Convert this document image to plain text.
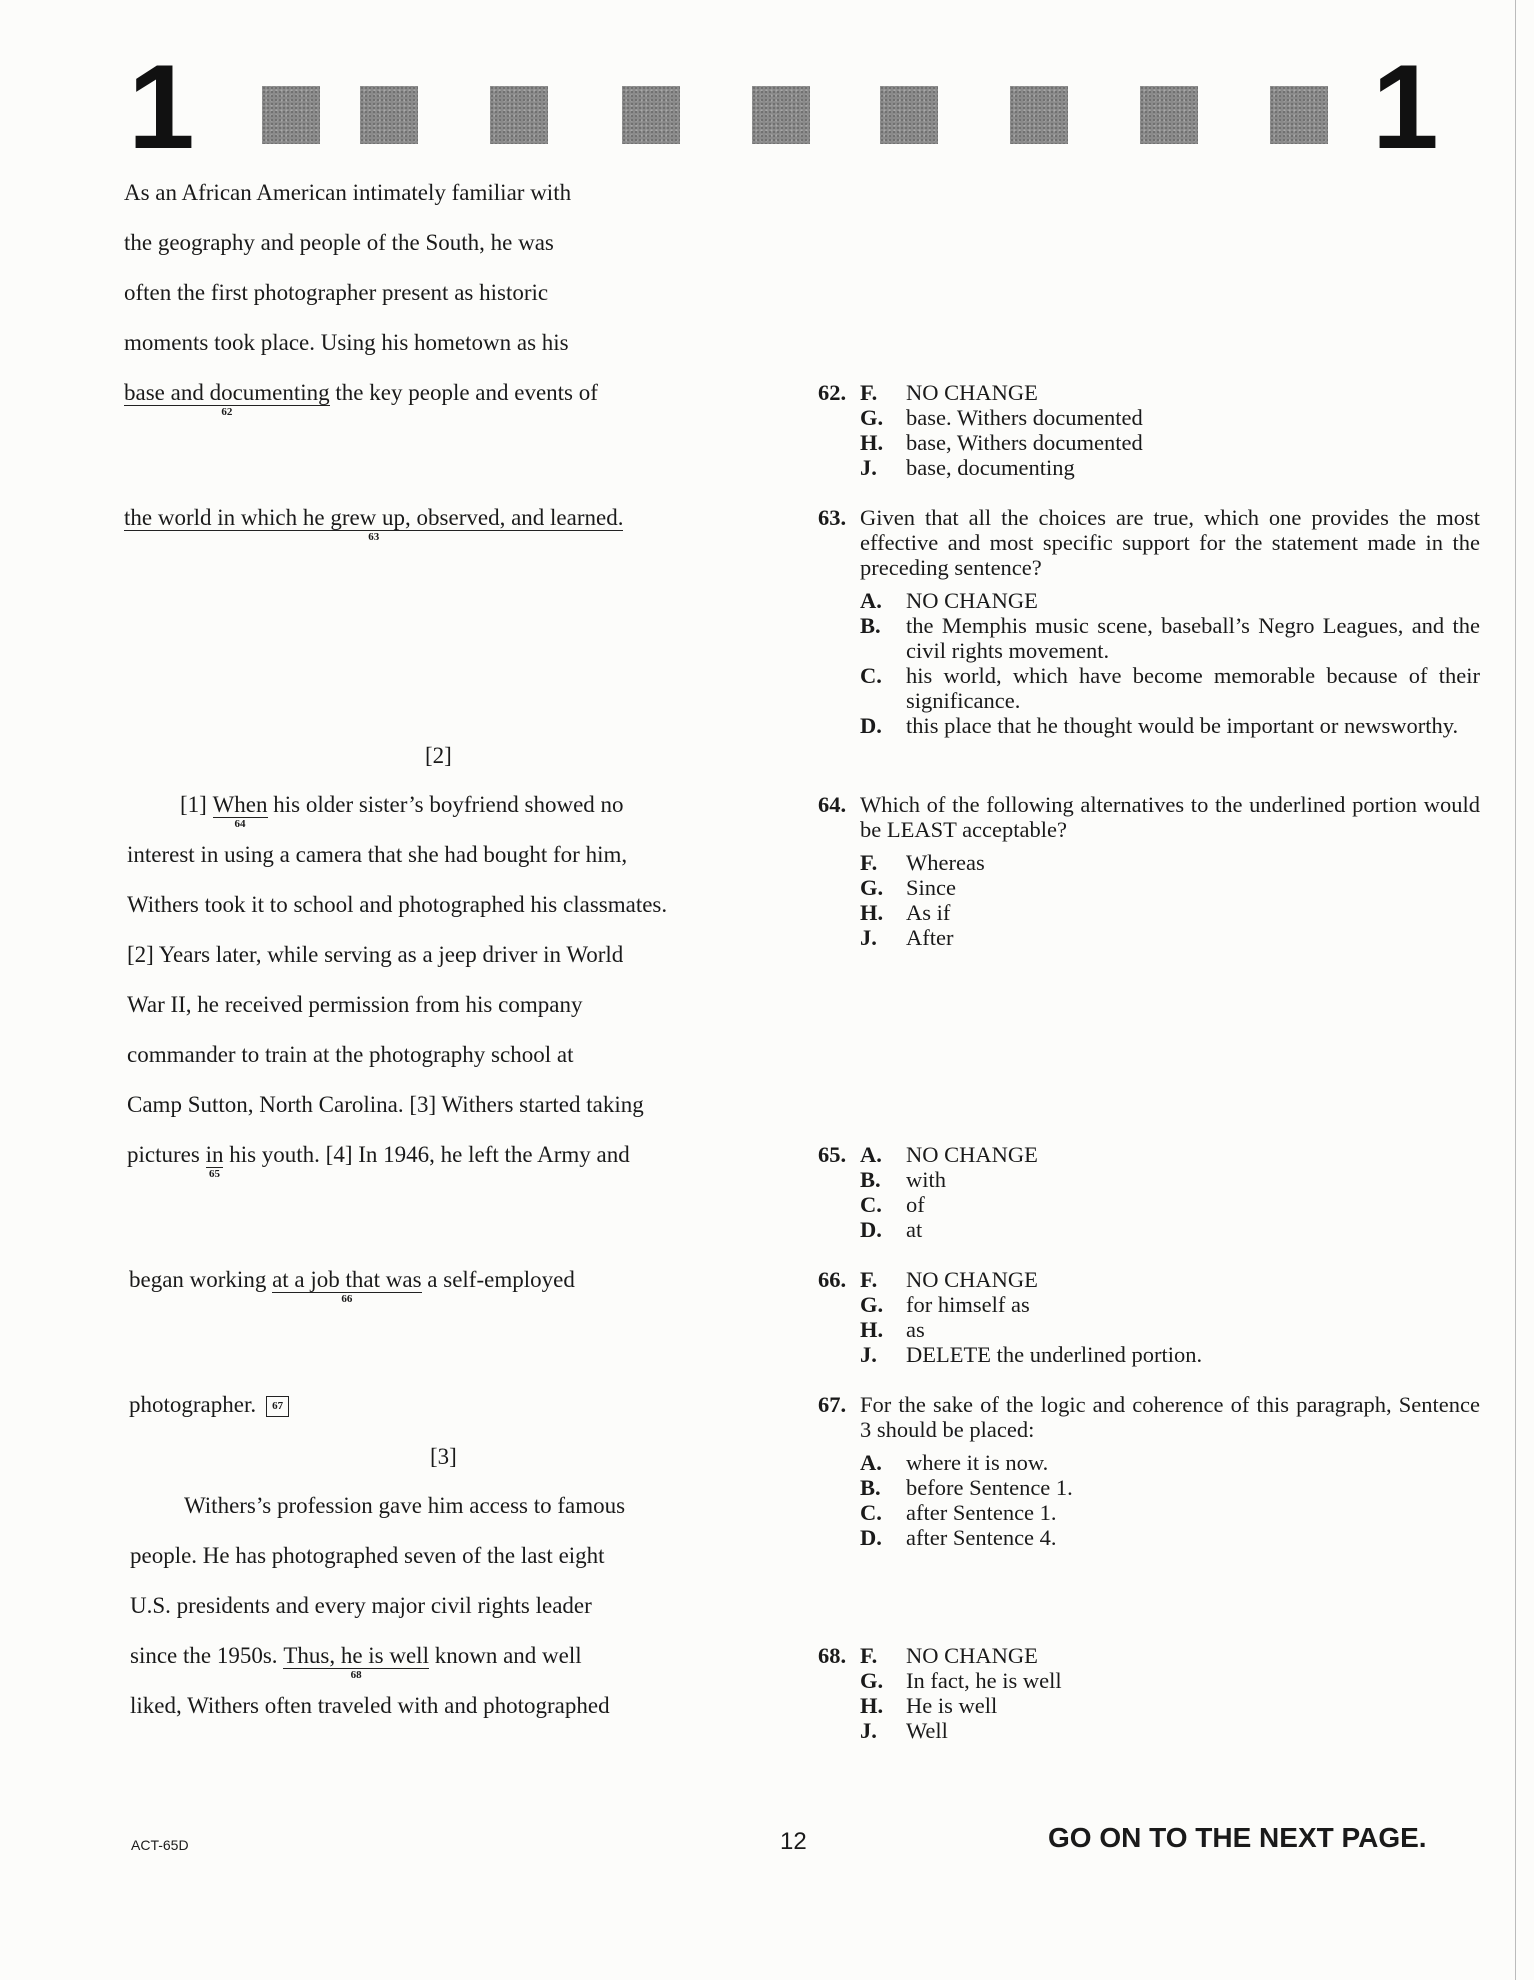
1	1
As an African American intimately familiar with
the geography and people of the South, he was
often the first photographer present as historic
moments took place. Using his hometown as his
base and documenting
62
the key people and events of
the world in which he grew up, observed, and learned.
63
[2]
[1] When
64
his older sister’s boyfriend showed no
interest in using a camera that she had bought for him,
Withers took it to school and photographed his classmates.
[2] Years later, while serving as a jeep driver in World
War II, he received permission from his company
commander to train at the photography school at
Camp Sutton, North Carolina. [3] Withers started taking
pictures in
65
his youth. [4] In 1946, he left the Army and
began working at a job that was
66
a self-employed
photographer. 67
[3]
Withers’s profession gave him access to famous
people. He has photographed seven of the last eight
U.S. presidents and every major civil rights leader
since the 1950s. Thus, he is well
68
known and well
liked, Withers often traveled with and photographed
62. F.	NO CHANGE
G.	base. Withers documented
H.	base, Withers documented
J.	base, documenting
63. Given that all the choices are true, which one provides the most effective and most specific support for the statement made in the preceding sentence?
A.	NO CHANGE
B.	the Memphis music scene, baseball’s Negro Leagues, and the civil rights movement.
C.	his world, which have become memorable because of their significance.
D.	this place that he thought would be important or newsworthy.
64. Which of the following alternatives to the underlined portion would be LEAST acceptable?
F.	Whereas
G.	Since
H.	As if
J.	After
65. A.	NO CHANGE
B.	with
C.	of
D.	at
66. F.	NO CHANGE
G.	for himself as
H.	as
J.	DELETE the underlined portion.
67. For the sake of the logic and coherence of this paragraph, Sentence 3 should be placed:
A.	where it is now.
B.	before Sentence 1.
C.	after Sentence 1.
D.	after Sentence 4.
68. F.	NO CHANGE
G.	In fact, he is well
H.	He is well
J.	Well
ACT-65D	12	GO ON TO THE NEXT PAGE.
